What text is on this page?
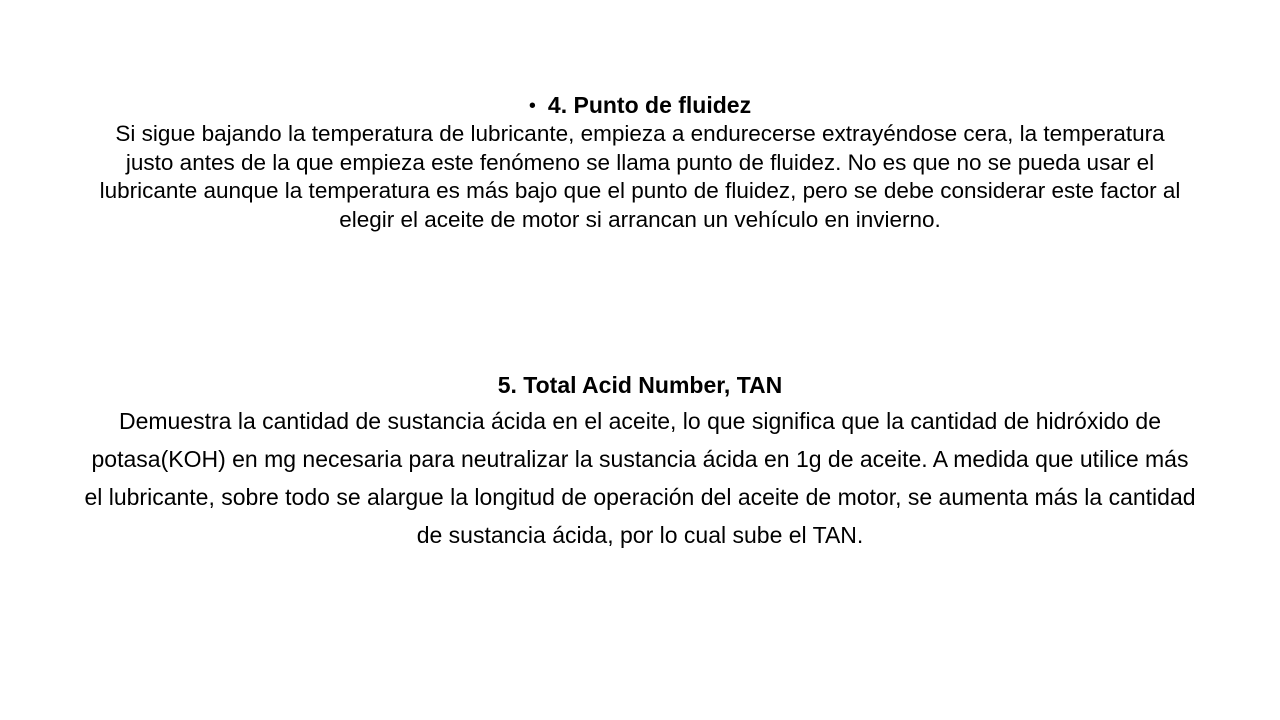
• 4. Punto de fluidez
Si sigue bajando la temperatura de lubricante, empieza a endurecerse extrayéndose cera, la temperatura justo antes de la que empieza este fenómeno se llama punto de fluidez. No es que no se pueda usar el lubricante aunque la temperatura es más bajo que el punto de fluidez, pero se debe considerar este factor al elegir el aceite de motor si arrancan un vehículo en invierno.
5. Total Acid Number, TAN
Demuestra la cantidad de sustancia ácida en el aceite, lo que significa que la cantidad de hidróxido de potasa(KOH) en mg necesaria para neutralizar la sustancia ácida en 1g de aceite. A medida que utilice más el lubricante, sobre todo se alargue la longitud de operación del aceite de motor, se aumenta más la cantidad de sustancia ácida, por lo cual sube el TAN.
